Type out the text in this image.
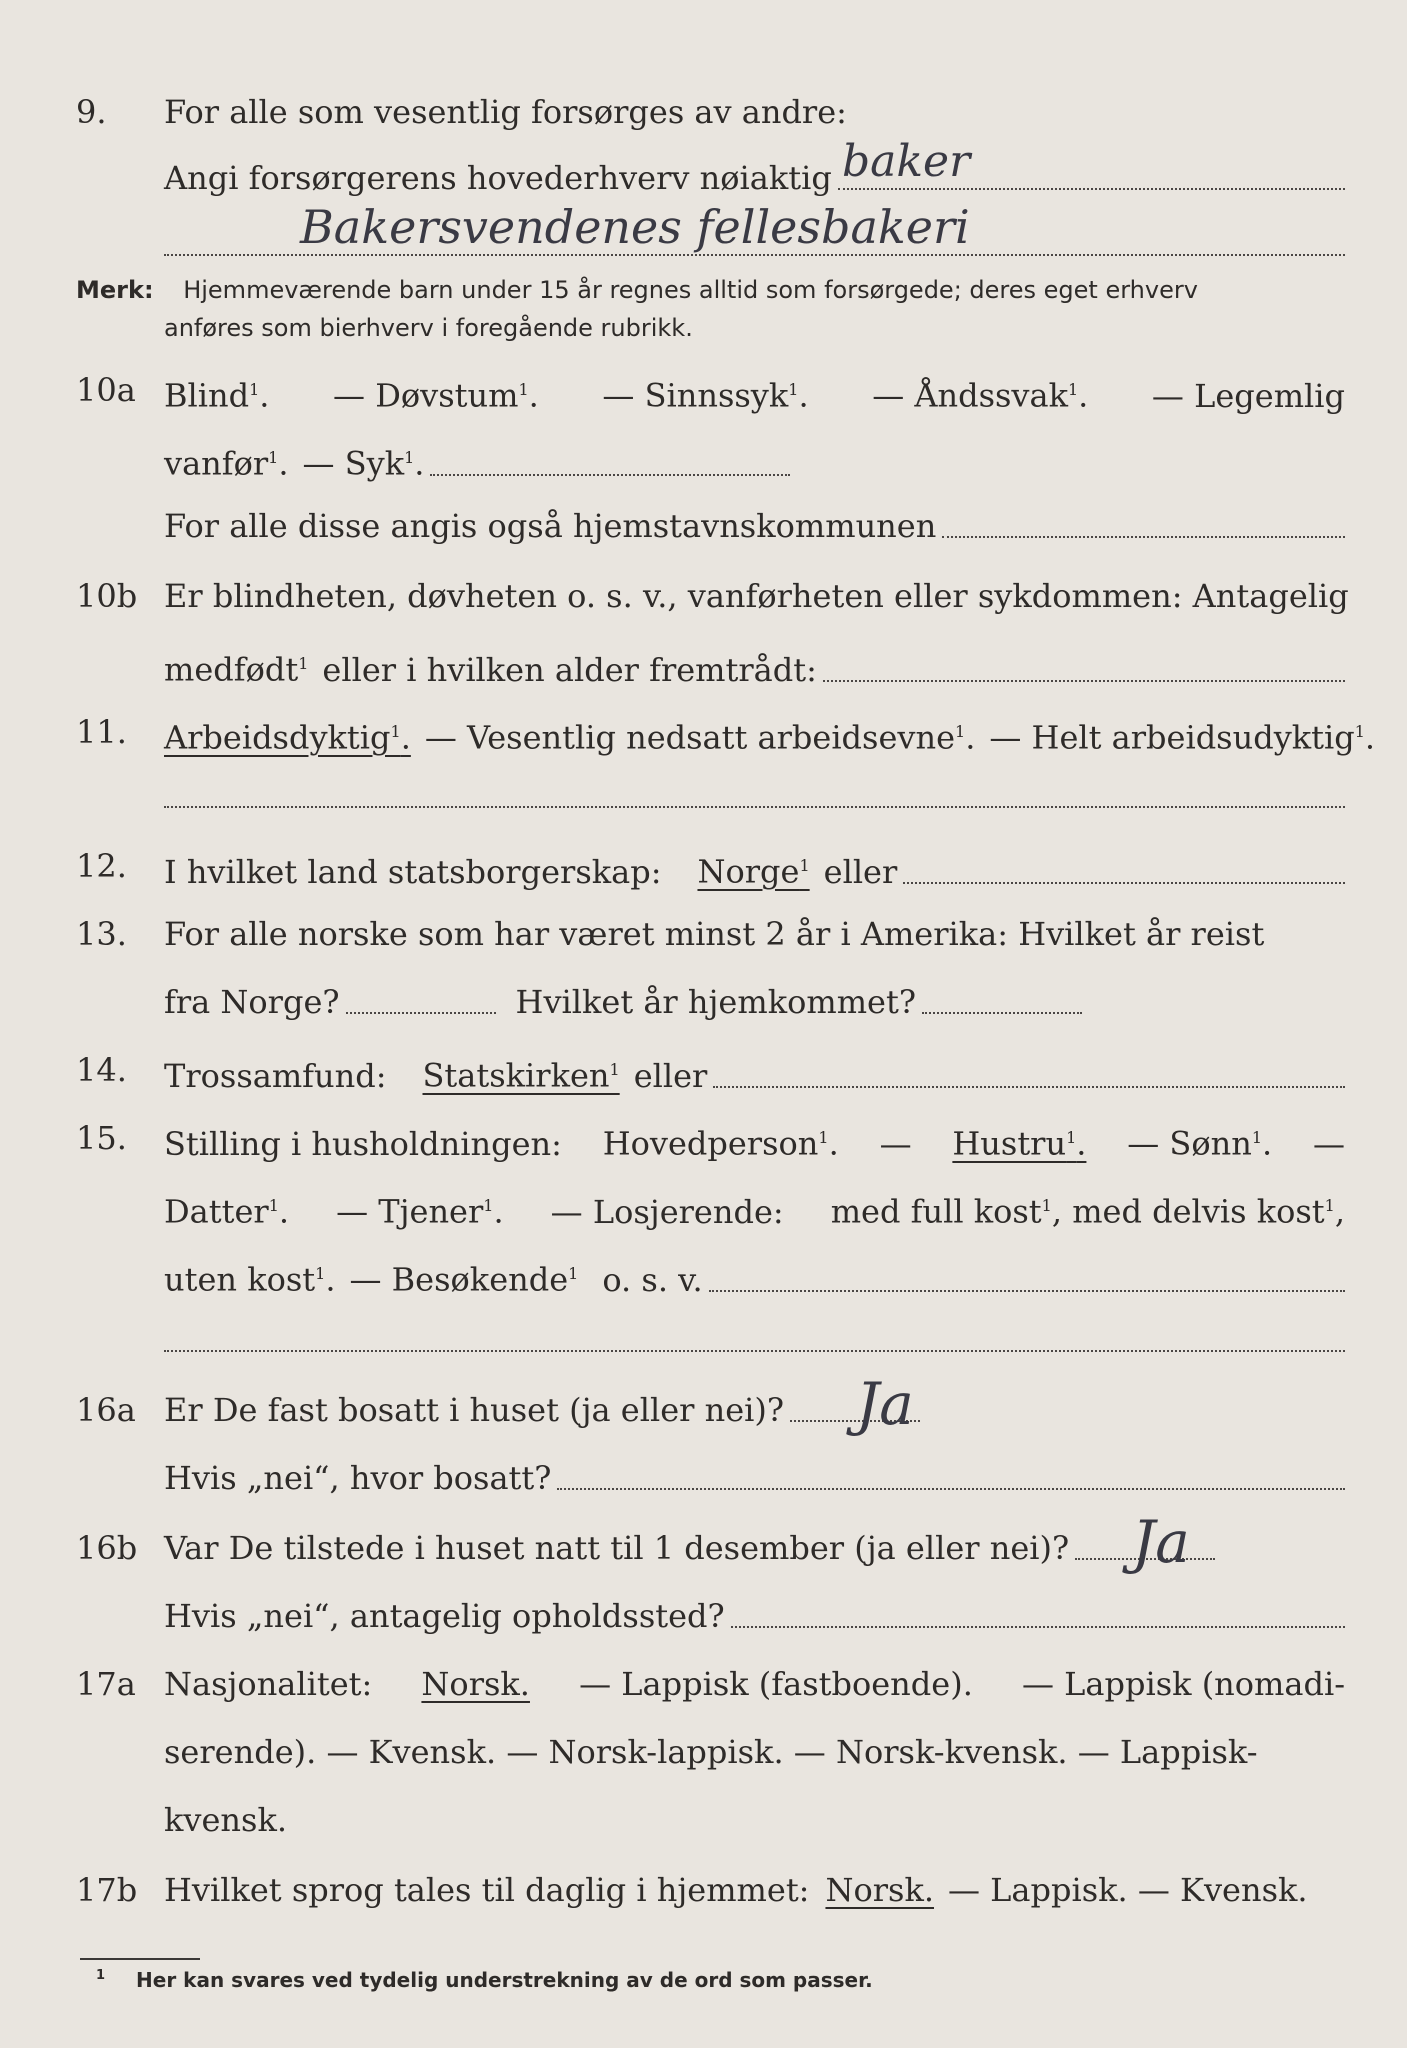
9. For alle som vesentlig forsørges av andre:
Angi forsørgerens hovederhverv nøiaktig baker
Bakersvendenes fellesbakeri
Merk: Hjemmeværende barn under 15 år regnes alltid som forsørgede; deres eget erhverv
anføres som bierhverv i foregående rubrikk.
10a Blind$^1$. — Døvstum$^1$. — Sinnssyk$^1$. — Åndssvak$^1$. — Legemlig
vanfør$^1$. — Syk$^1$.
For alle disse angis også hjemstavnskommunen
10b Er blindheten, døvheten o. s. v., vanførheten eller sykdommen: Antagelig
medfødt$^1$ eller i hvilken alder fremtrådt:
11. Arbeidsdyktig$^1$. — Vesentlig nedsatt arbeidsevne$^1$. — Helt arbeidsudyktig$^1$.
12. I hvilket land statsborgerskap: Norge$^1$ eller
13. For alle norske som har været minst 2 år i Amerika: Hvilket år reist
fra Norge?	Hvilket år hjemkommet?
14. Trossamfund: Statskirken$^1$ eller
15. Stilling i husholdningen: Hovedperson$^1$. — Hustru$^1$. — Sønn$^1$. —
Datter$^1$. — Tjener$^1$. — Losjerende: med full kost$^1$, med delvis kost$^1$,
uten kost$^1$. — Besøkende$^1$ o. s. v.
16a Er De fast bosatt i huset (ja eller nei)? Ja
Hvis „nei“, hvor bosatt?
16b Var De tilstede i huset natt til 1 desember (ja eller nei)? Ja
Hvis „nei“, antagelig opholdssted?
17a Nasjonalitet: Norsk. — Lappisk (fastboende). — Lappisk (nomadi-
serende). — Kvensk. — Norsk-lappisk. — Norsk-kvensk. — Lappisk-
kvensk.
17b Hvilket sprog tales til daglig i hjemmet: Norsk. — Lappisk. — Kvensk.
$^1$ Her kan svares ved tydelig understrekning av de ord som passer.
